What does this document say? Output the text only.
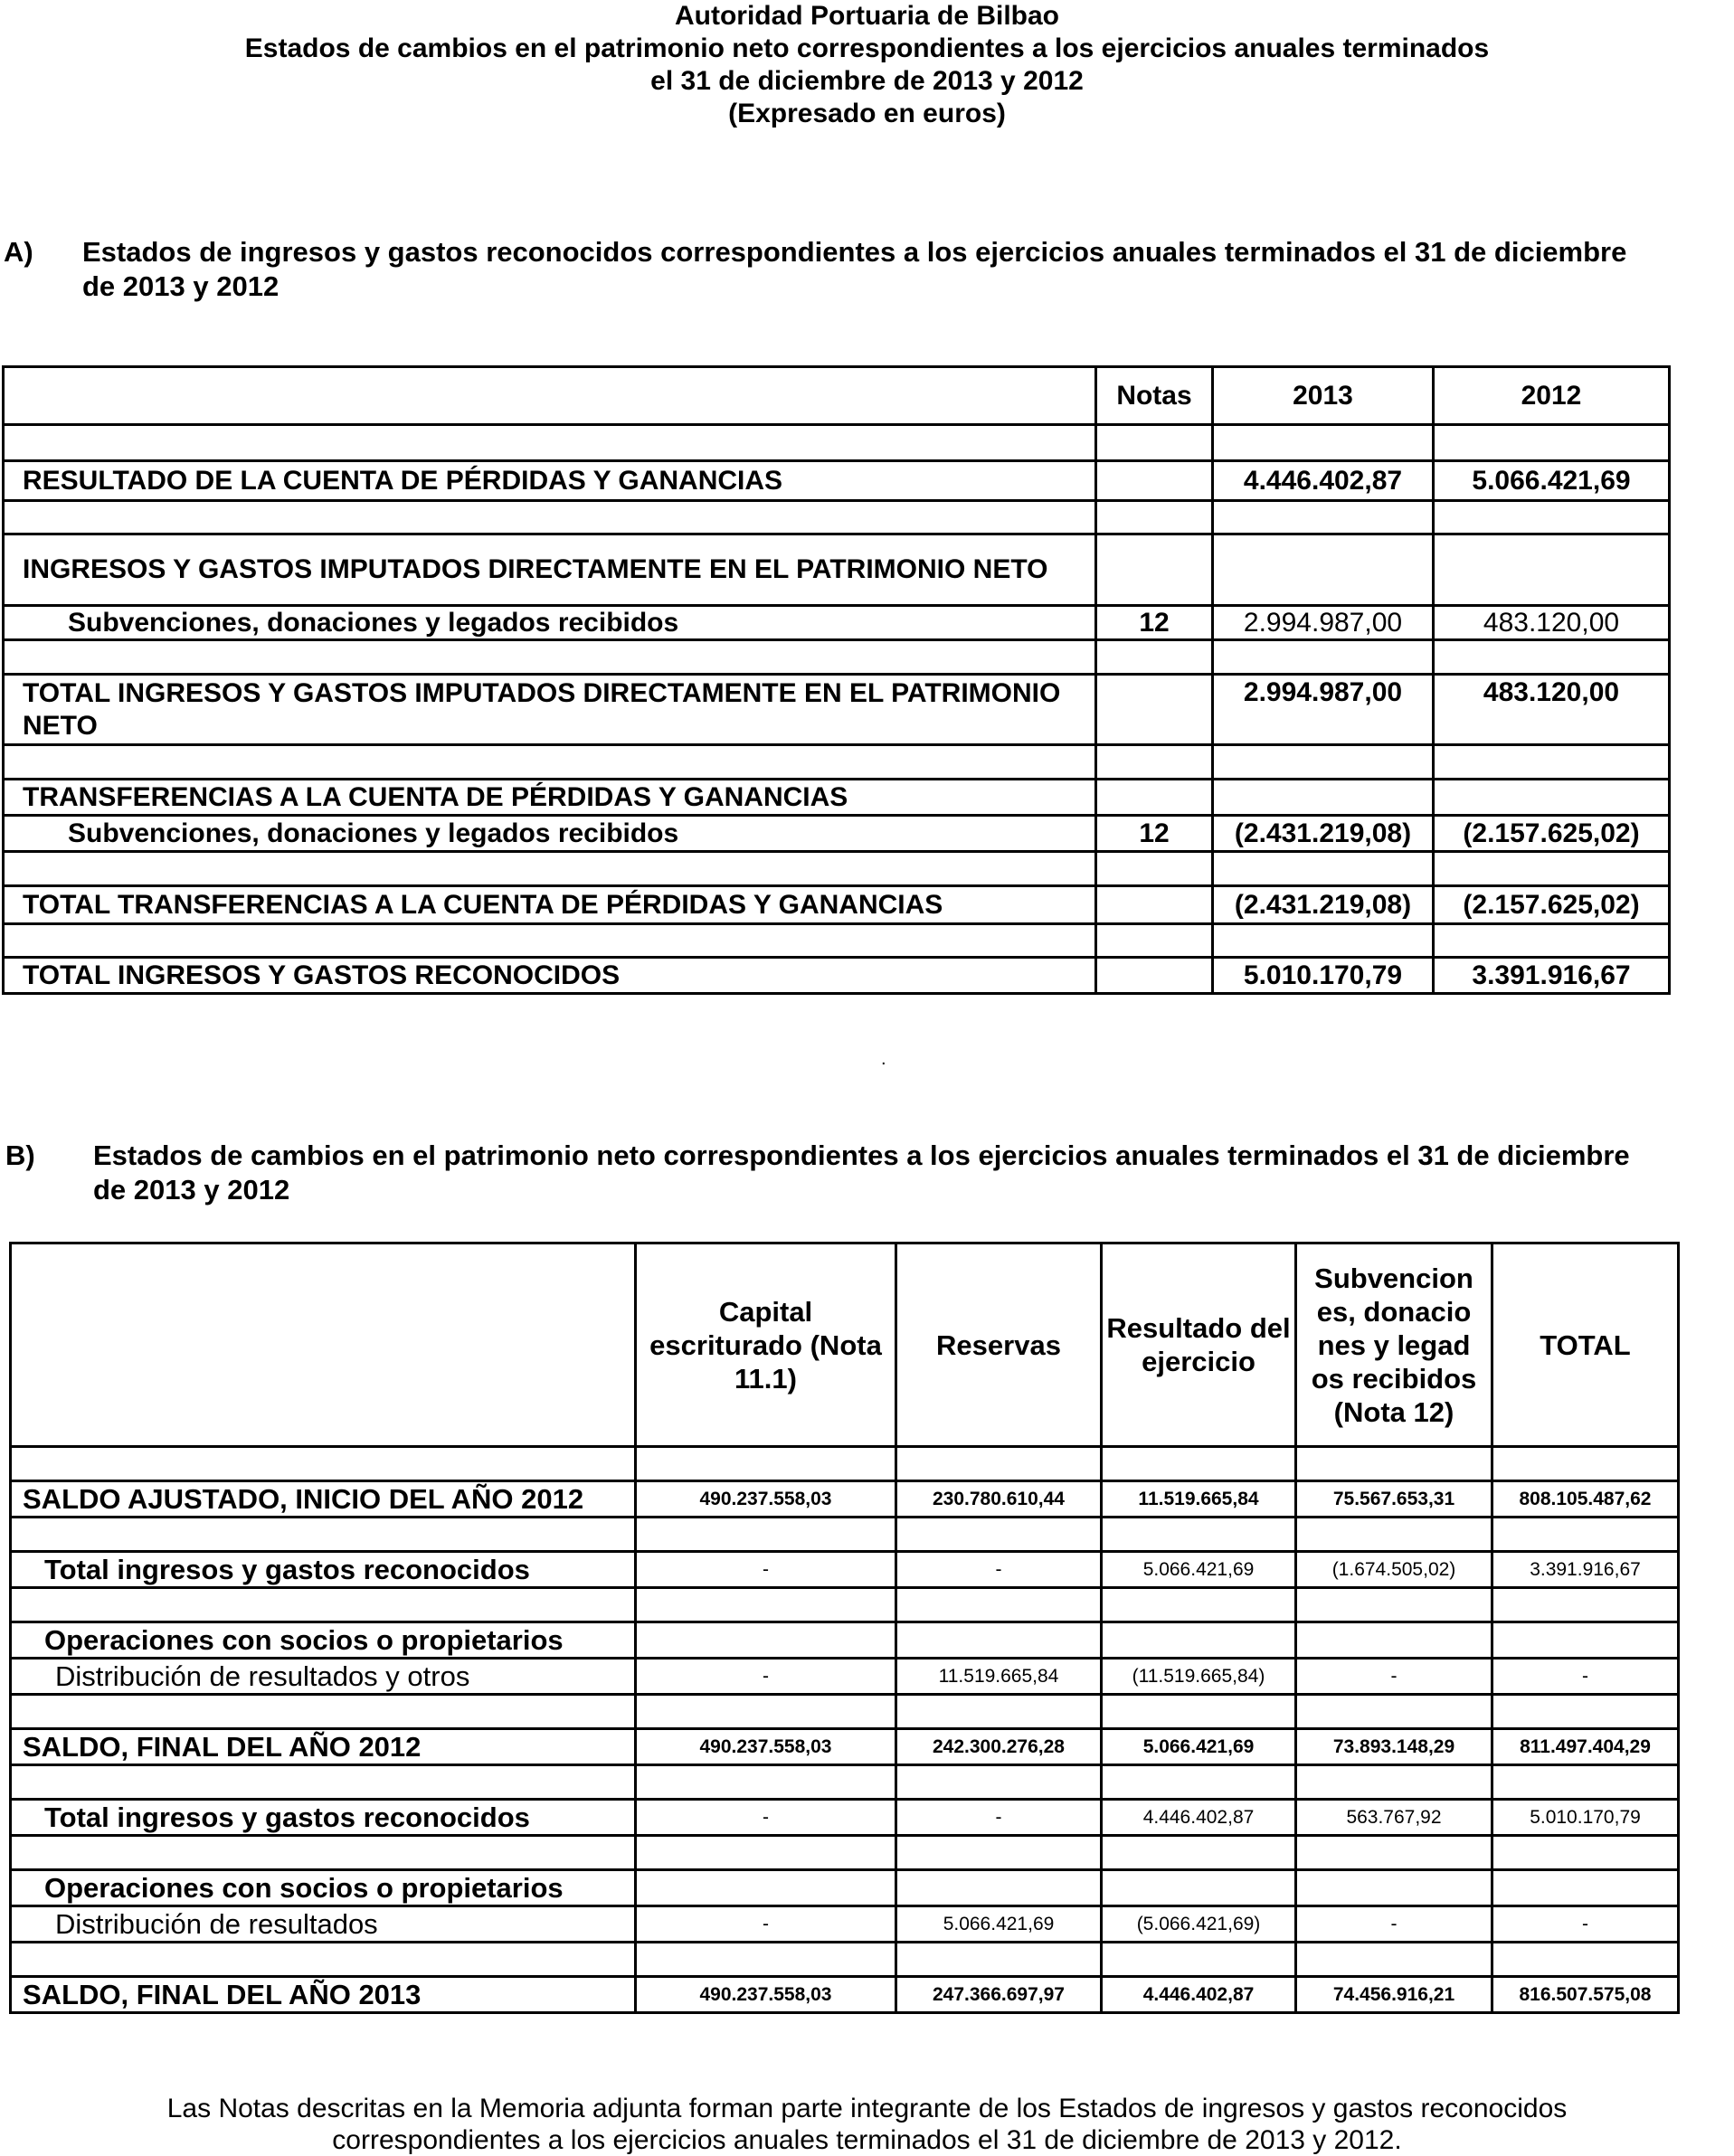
Autoridad Portuaria de Bilbao
Estados de cambios en el patrimonio neto correspondientes a los ejercicios anuales terminados
el 31 de diciembre de 2013 y 2012
(Expresado en euros)
A) Estados de ingresos y gastos reconocidos correspondientes a los ejercicios anuales terminados el 31 de diciembre
de 2013 y 2012
	Notas	2013	2012

RESULTADO DE LA CUENTA DE PÉRDIDAS Y GANANCIAS		4.446.402,87	5.066.421,69

INGRESOS Y GASTOS IMPUTADOS DIRECTAMENTE EN EL PATRIMONIO NETO			
Subvenciones, donaciones y legados recibidos	12	2.994.987,00	483.120,00

TOTAL INGRESOS Y GASTOS IMPUTADOS DIRECTAMENTE EN EL PATRIMONIO NETO		2.994.987,00	483.120,00

TRANSFERENCIAS A LA CUENTA DE PÉRDIDAS Y GANANCIAS			
Subvenciones, donaciones y legados recibidos	12	(2.431.219,08)	(2.157.625,02)

TOTAL TRANSFERENCIAS A LA CUENTA DE PÉRDIDAS Y GANANCIAS		(2.431.219,08)	(2.157.625,02)

TOTAL INGRESOS Y GASTOS RECONOCIDOS		5.010.170,79	3.391.916,67
.
B) Estados de cambios en el patrimonio neto correspondientes a los ejercicios anuales terminados el 31 de diciembre
de 2013 y 2012
	Capital escriturado (Nota 11.1)	Reservas	Resultado del ejercicio	Subvenciones, donaciones y legados recibidos (Nota 12)	TOTAL

SALDO AJUSTADO, INICIO DEL AÑO 2012	490.237.558,03	230.780.610,44	11.519.665,84	75.567.653,31	808.105.487,62

Total ingresos y gastos reconocidos	-	-	5.066.421,69	(1.674.505,02)	3.391.916,67

Operaciones con socios o propietarios					
Distribución de resultados y otros	-	11.519.665,84	(11.519.665,84)	-	-

SALDO, FINAL DEL AÑO 2012	490.237.558,03	242.300.276,28	5.066.421,69	73.893.148,29	811.497.404,29

Total ingresos y gastos reconocidos	-	-	4.446.402,87	563.767,92	5.010.170,79

Operaciones con socios o propietarios					
Distribución de resultados	-	5.066.421,69	(5.066.421,69)	-	-

SALDO, FINAL DEL AÑO 2013	490.237.558,03	247.366.697,97	4.446.402,87	74.456.916,21	816.507.575,08
Las Notas descritas en la Memoria adjunta forman parte integrante de los Estados de ingresos y gastos reconocidos
correspondientes a los ejercicios anuales terminados el 31 de diciembre de 2013 y 2012.
